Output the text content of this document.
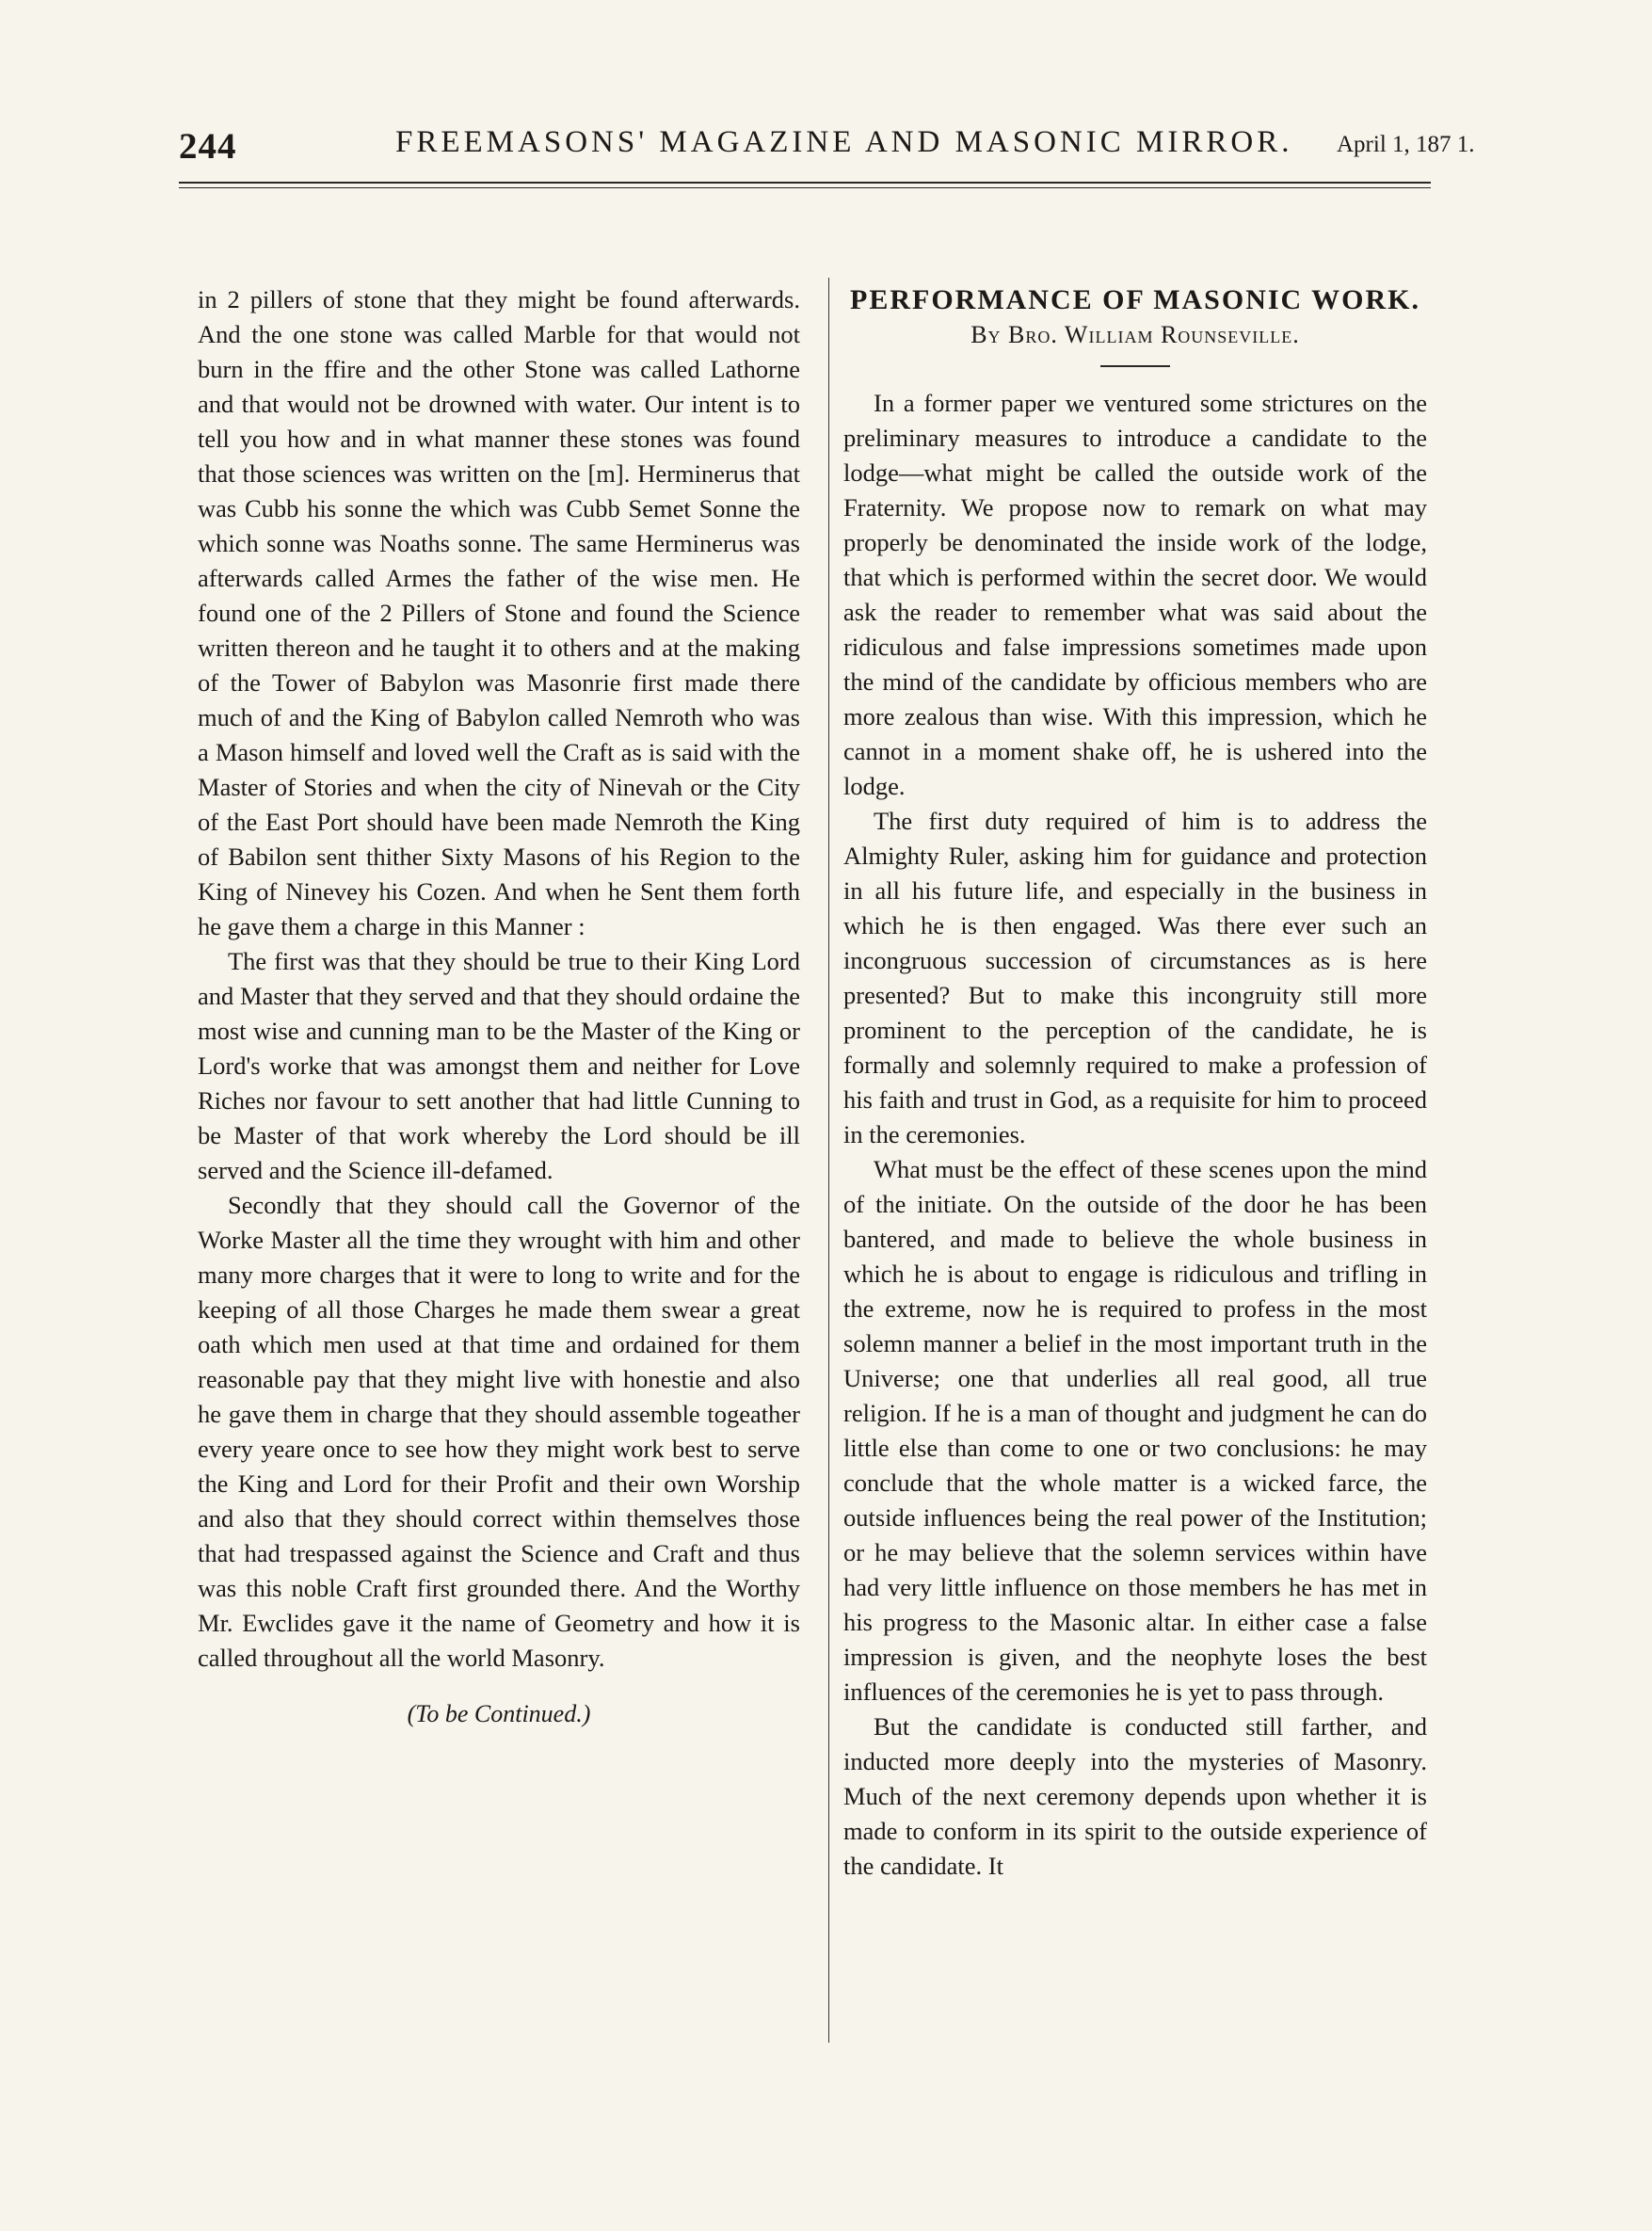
244	FREEMASONS' MAGAZINE AND MASONIC MIRROR. April 1, 187 1.

in 2 pillers of stone that they might be found afterwards. And the one stone was called Marble for that would not burn in the ffire and the other Stone was called Lathorne and that would not be drowned with water. Our intent is to tell you how and in what manner these stones was found that those sciences was written on the [m]. Herminerus that was Cubb his sonne the which was Cubb Semet Sonne the which sonne was Noaths sonne. The same Herminerus was afterwards called Armes the father of the wise men. He found one of the 2 Pillers of Stone and found the Science written thereon and he taught it to others and at the making of the Tower of Babylon was Masonrie first made there much of and the King of Babylon called Nemroth who was a Mason himself and loved well the Craft as is said with the Master of Stories and when the city of Ninevah or the City of the East Port should have been made Nemroth the King of Babilon sent thither Sixty Masons of his Region to the King of Ninevey his Cozen. And when he Sent them forth he gave them a charge in this Manner :

The first was that they should be true to their King Lord and Master that they served and that they should ordaine the most wise and cunning man to be the Master of the King or Lord's worke that was amongst them and neither for Love Riches nor favour to sett another that had little Cunning to be Master of that work whereby the Lord should be ill served and the Science ill-defamed.

Secondly that they should call the Governor of the Worke Master all the time they wrought with him and other many more charges that it were to long to write and for the keeping of all those Charges he made them swear a great oath which men used at that time and ordained for them reasonable pay that they might live with honestie and also he gave them in charge that they should assemble togeather every yeare once to see how they might work best to serve the King and Lord for their Profit and their own Worship and also that they should correct within themselves those that had trespassed against the Science and Craft and thus was this noble Craft first grounded there. And the Worthy Mr. Ewclides gave it the name of Geometry and how it is called throughout all the world Masonry.

(To be Continued.)
PERFORMANCE OF MASONIC WORK.
By Bro. William Rounseville.

In a former paper we ventured some strictures on the preliminary measures to introduce a candidate to the lodge—what might be called the outside work of the Fraternity. We propose now to remark on what may properly be denominated the inside work of the lodge, that which is performed within the secret door. We would ask the reader to remember what was said about the ridiculous and false impressions sometimes made upon the mind of the candidate by officious members who are more zealous than wise. With this impression, which he cannot in a moment shake off, he is ushered into the lodge.

The first duty required of him is to address the Almighty Ruler, asking him for guidance and protection in all his future life, and especially in the business in which he is then engaged. Was there ever such an incongruous succession of circumstances as is here presented? But to make this incongruity still more prominent to the perception of the candidate, he is formally and solemnly required to make a profession of his faith and trust in God, as a requisite for him to proceed in the ceremonies.

What must be the effect of these scenes upon the mind of the initiate. On the outside of the door he has been bantered, and made to believe the whole business in which he is about to engage is ridiculous and trifling in the extreme, now he is required to profess in the most solemn manner a belief in the most important truth in the Universe; one that underlies all real good, all true religion. If he is a man of thought and judgment he can do little else than come to one or two conclusions: he may conclude that the whole matter is a wicked farce, the outside influences being the real power of the Institution; or he may believe that the solemn services within have had very little influence on those members he has met in his progress to the Masonic altar. In either case a false impression is given, and the neophyte loses the best influences of the ceremonies he is yet to pass through.

But the candidate is conducted still farther, and inducted more deeply into the mysteries of Masonry. Much of the next ceremony depends upon whether it is made to conform in its spirit to the outside experience of the candidate. It
